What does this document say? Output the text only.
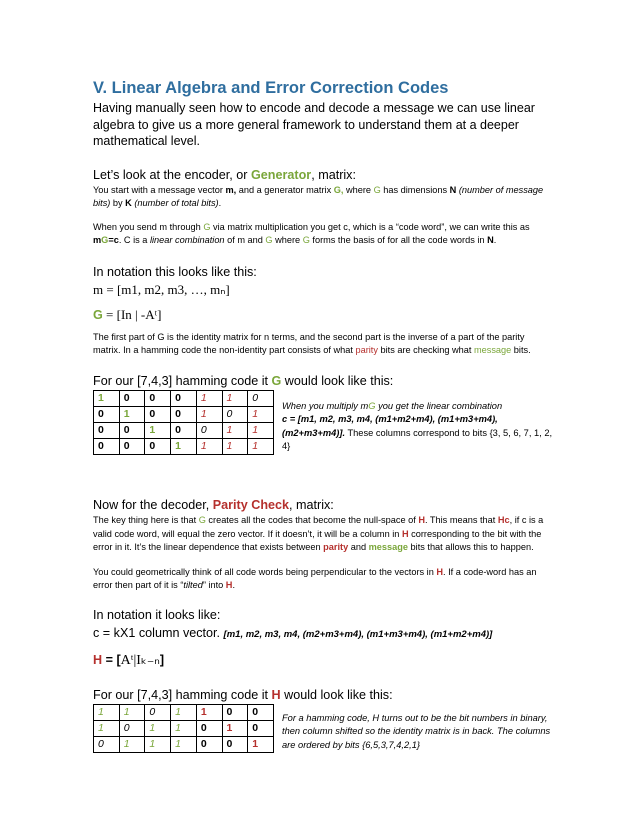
V. Linear Algebra and Error Correction Codes

Having manually seen how to encode and decode a message we can use linear algebra to give us a more general framework to understand them at a deeper mathematical level.

Let’s look at the encoder, or Generator, matrix:

You start with a message vector m, and a generator matrix G, where G has dimensions N (number of message bits) by K (number of total bits).

When you send m through G via matrix multiplication you get c, which is a “code word”, we can write this as mG=c. C is a linear combination of m and G where G forms the basis of for all the code words in N.

In notation this looks like this:

m = [m1, m2, m3, …, mₙ]

G = [In | -Aᵗ]

The first part of G is the identity matrix for n terms, and the second part is the inverse of a part of the parity matrix. In a hamming code the non-identity part consists of what parity bits are checking what message bits.

For our [7,4,3] hamming code it G would look like this:

1	0	0	0	1	1	0
0	1	0	0	1	0	1
0	0	1	0	0	1	1
0	0	0	1	1	1	1

When you multiply mG you get the linear combination
c = [m1, m2, m3, m4, (m1+m2+m4), (m1+m3+m4), (m2+m3+m4)]. These columns correspond to bits {3, 5, 6, 7, 1, 2, 4}

Now for the decoder, Parity Check, matrix:

The key thing here is that G creates all the codes that become the null-space of H. This means that Hc, if c is a valid code word, will equal the zero vector. If it doesn’t, it will be a column in H corresponding to the bit with the error in it. It’s the linear dependence that exists between parity and message bits that allows this to happen.

You could geometrically think of all code words being perpendicular to the vectors in H. If a code-word has an error then part of it is “tilted” into H.

In notation it looks like:

c = kX1 column vector. [m1, m2, m3, m4, (m2+m3+m4), (m1+m3+m4), (m1+m2+m4)]

H = [Aᵗ|Iₖ₋ₙ]

For our [7,4,3] hamming code it H would look like this:

1	1	0	1	1	0	0
1	0	1	1	0	1	0
0	1	1	1	0	0	1

For a hamming code, H turns out to be the bit numbers in binary, then column shifted so the identity matrix is in back. The columns are ordered by bits {6,5,3,7,4,2,1}
